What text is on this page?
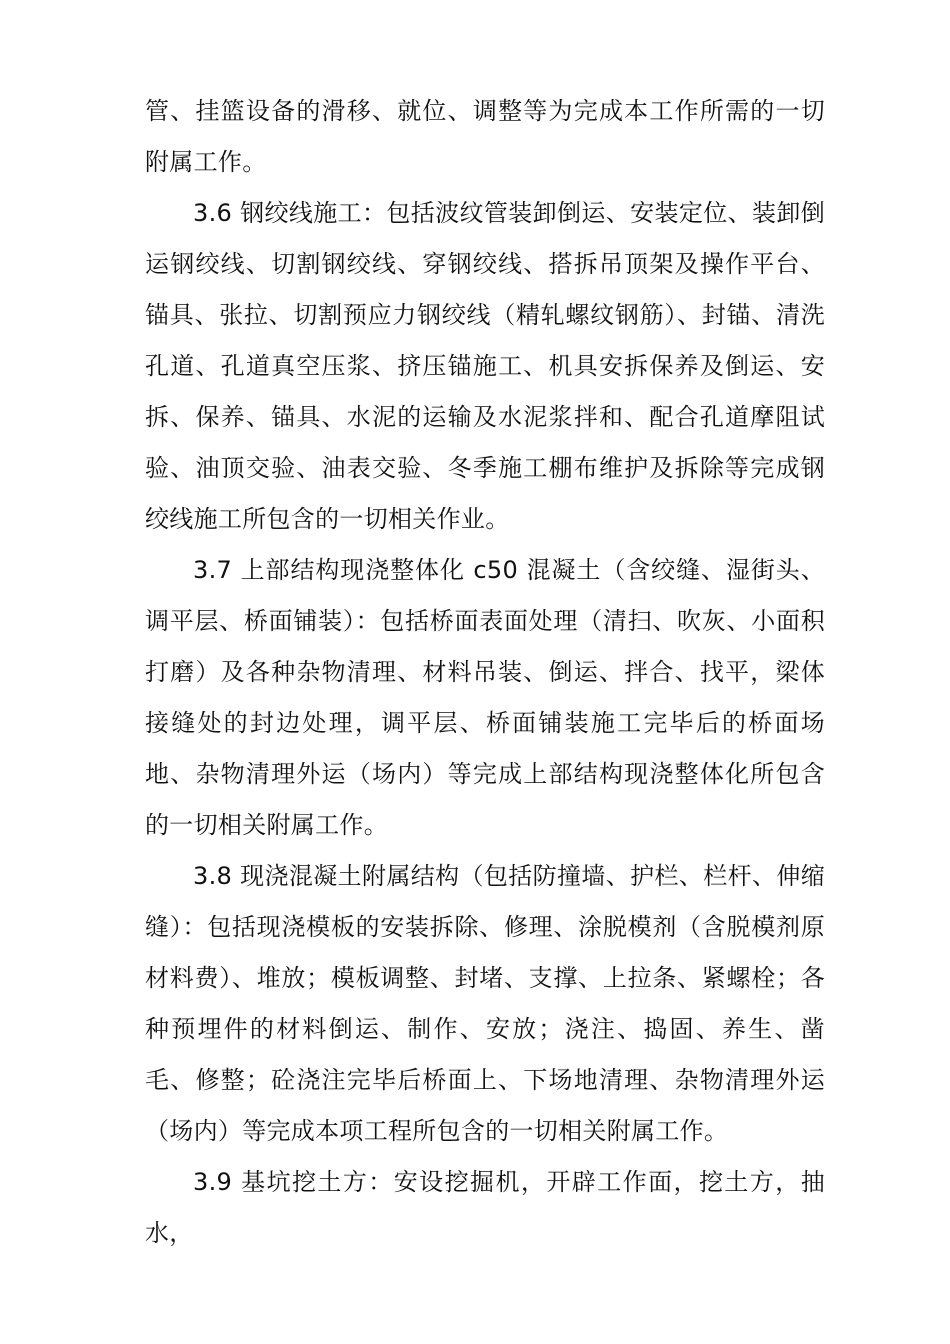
管、挂篮设备的滑移、就位、调整等为完成本工作所需的一切附属工作。

3.6 钢绞线施工：包括波纹管装卸倒运、安装定位、装卸倒运钢绞线、切割钢绞线、穿钢绞线、搭拆吊顶架及操作平台、锚具、张拉、切割预应力钢绞线（精轧螺纹钢筋）、封锚、清洗孔道、孔道真空压浆、挤压锚施工、机具安拆保养及倒运、安拆、保养、锚具、水泥的运输及水泥浆拌和、配合孔道摩阻试验、油顶交验、油表交验、冬季施工棚布维护及拆除等完成钢绞线施工所包含的一切相关作业。

3.7 上部结构现浇整体化 c50 混凝土（含绞缝、湿街头、调平层、桥面铺装）：包括桥面表面处理（清扫、吹灰、小面积打磨）及各种杂物清理、材料吊装、倒运、拌合、找平，梁体接缝处的封边处理，调平层、桥面铺装施工完毕后的桥面场地、杂物清理外运（场内）等完成上部结构现浇整体化所包含的一切相关附属工作。

3.8 现浇混凝土附属结构（包括防撞墙、护栏、栏杆、伸缩缝）：包括现浇模板的安装拆除、修理、涂脱模剂（含脱模剂原材料费）、堆放；模板调整、封堵、支撑、上拉条、紧螺栓；各种预埋件的材料倒运、制作、安放；浇注、捣固、养生、凿毛、修整；砼浇注完毕后桥面上、下场地清理、杂物清理外运（场内）等完成本项工程所包含的一切相关附属工作。

3.9 基坑挖土方：安设挖掘机，开辟工作面，挖土方，抽水，
